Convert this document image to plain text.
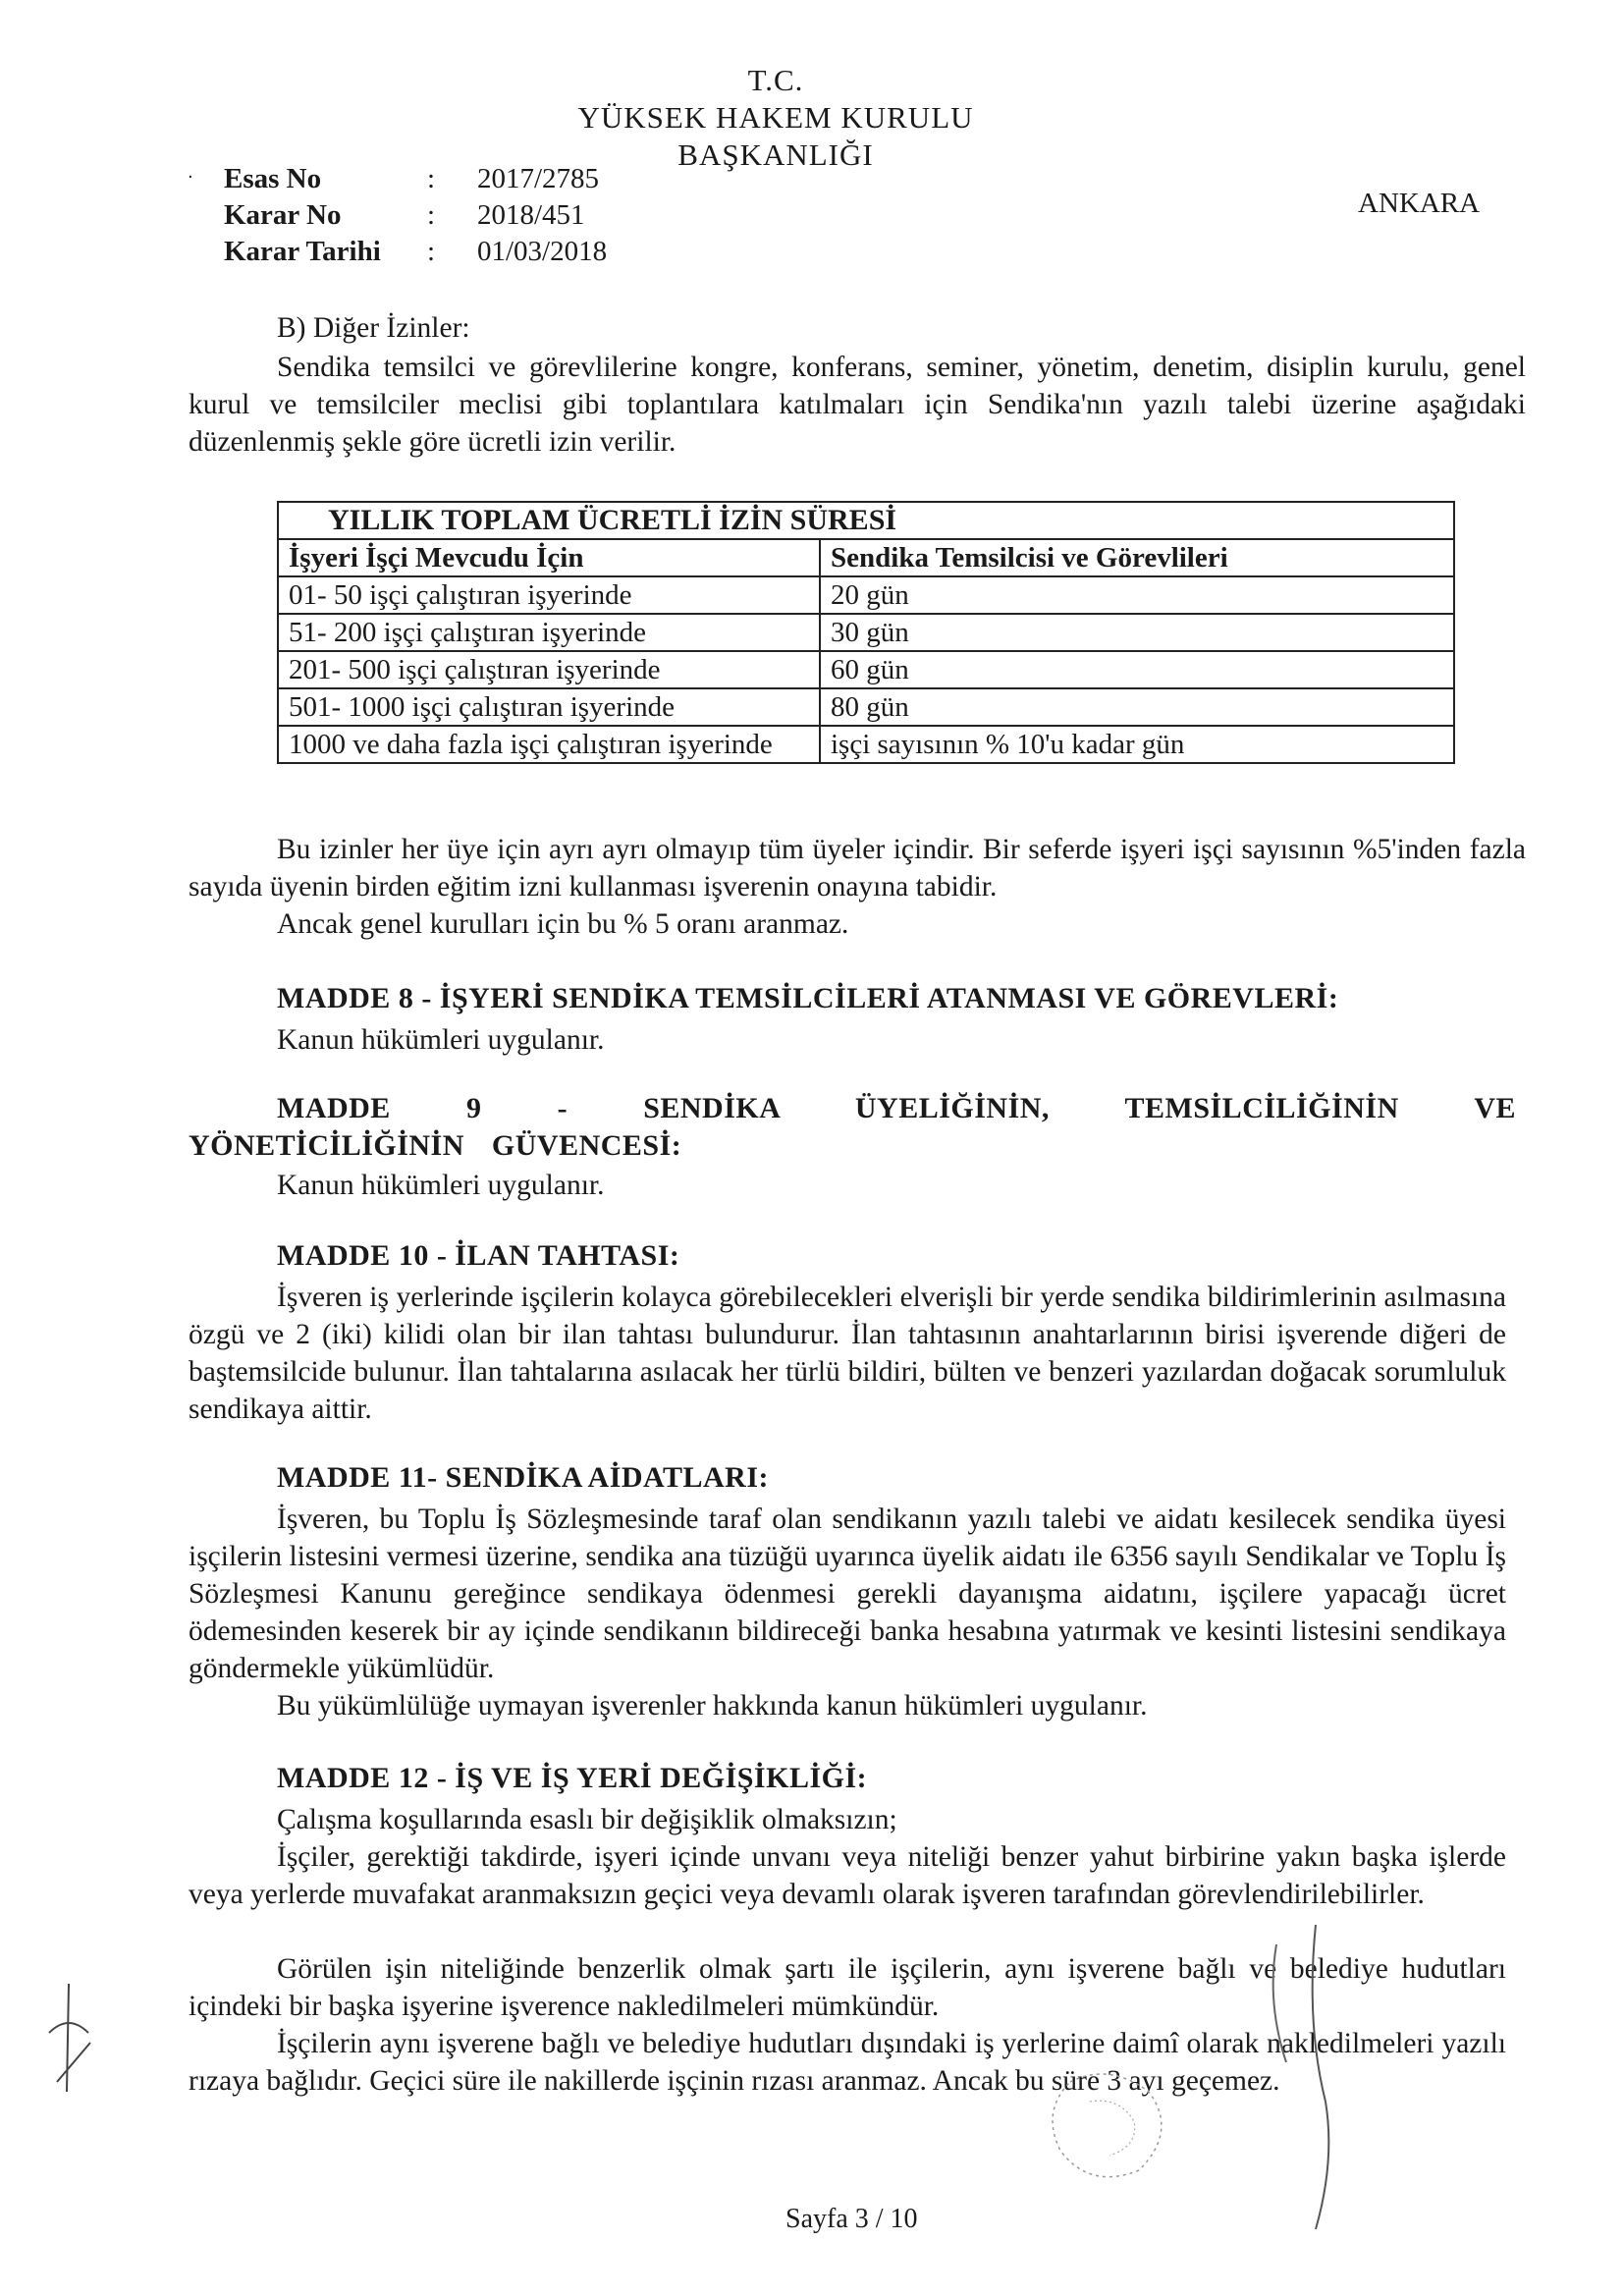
T.C.
YÜKSEK HAKEM KURULU
BAŞKANLIĞI
ANKARA
· Esas No	: 2017/2785
Karar No	: 2018/451
Karar Tarihi : 01/03/2018
B) Diğer İzinler:

Sendika temsilci ve görevlilerine kongre, konferans, seminer, yönetim, denetim, disiplin kurulu, genel kurul ve temsilciler meclisi gibi toplantılara katılmaları için Sendika'nın yazılı talebi üzerine aşağıdaki düzenlenmiş şekle göre ücretli izin verilir.

YILLIK TOPLAM ÜCRETLİ İZİN SÜRESİ	
İşyeri İşçi Mevcudu İçin	Sendika Temsilcisi ve Görevlileri
01- 50 işçi çalıştıran işyerinde	20 gün
51- 200 işçi çalıştıran işyerinde	30 gün
201- 500 işçi çalıştıran işyerinde	60 gün
501- 1000 işçi çalıştıran işyerinde	80 gün
1000 ve daha fazla işçi çalıştıran işyerinde	işçi sayısının % 10'u kadar gün

Bu izinler her üye için ayrı ayrı olmayıp tüm üyeler içindir. Bir seferde işyeri işçi sayısının %5'inden fazla sayıda üyenin birden eğitim izni kullanması işverenin onayına tabidir.

Ancak genel kurulları için bu % 5 oranı aranmaz.

MADDE 8 - İŞYERİ SENDİKA TEMSİLCİLERİ ATANMASI VE GÖREVLERİ:

Kanun hükümleri uygulanır.

MADDE 9 - SENDİKA ÜYELİĞİNİN, TEMSİLCİLİĞİNİN VE YÖNETİCİLİĞİNİN GÜVENCESİ:

Kanun hükümleri uygulanır.

MADDE 10 - İLAN TAHTASI:

İşveren iş yerlerinde işçilerin kolayca görebilecekleri elverişli bir yerde sendika bildirimlerinin asılmasına özgü ve 2 (iki) kilidi olan bir ilan tahtası bulundurur. İlan tahtasının anahtarlarının birisi işverende diğeri de baştemsilcide bulunur. İlan tahtalarına asılacak her türlü bildiri, bülten ve benzeri yazılardan doğacak sorumluluk sendikaya aittir.

MADDE 11- SENDİKA AİDATLARI:

İşveren, bu Toplu İş Sözleşmesinde taraf olan sendikanın yazılı talebi ve aidatı kesilecek sendika üyesi işçilerin listesini vermesi üzerine, sendika ana tüzüğü uyarınca üyelik aidatı ile 6356 sayılı Sendikalar ve Toplu İş Sözleşmesi Kanunu gereğince sendikaya ödenmesi gerekli dayanışma aidatını, işçilere yapacağı ücret ödemesinden keserek bir ay içinde sendikanın bildireceği banka hesabına yatırmak ve kesinti listesini sendikaya göndermekle yükümlüdür.

Bu yükümlülüğe uymayan işverenler hakkında kanun hükümleri uygulanır.

MADDE 12 - İŞ VE İŞ YERİ DEĞİŞİKLİĞİ:

Çalışma koşullarında esaslı bir değişiklik olmaksızın;

İşçiler, gerektiği takdirde, işyeri içinde unvanı veya niteliği benzer yahut birbirine yakın başka işlerde veya yerlerde muvafakat aranmaksızın geçici veya devamlı olarak işveren tarafından görevlendirilebilirler.

Görülen işin niteliğinde benzerlik olmak şartı ile işçilerin, aynı işverene bağlı ve belediye hudutları içindeki bir başka işyerine işverence nakledilmeleri mümkündür.

İşçilerin aynı işverene bağlı ve belediye hudutları dışındaki iş yerlerine daimî olarak nakledilmeleri yazılı rızaya bağlıdır. Geçici süre ile nakillerde işçinin rızası aranmaz. Ancak bu süre 3 ayı geçemez.

Sayfa 3 / 10
